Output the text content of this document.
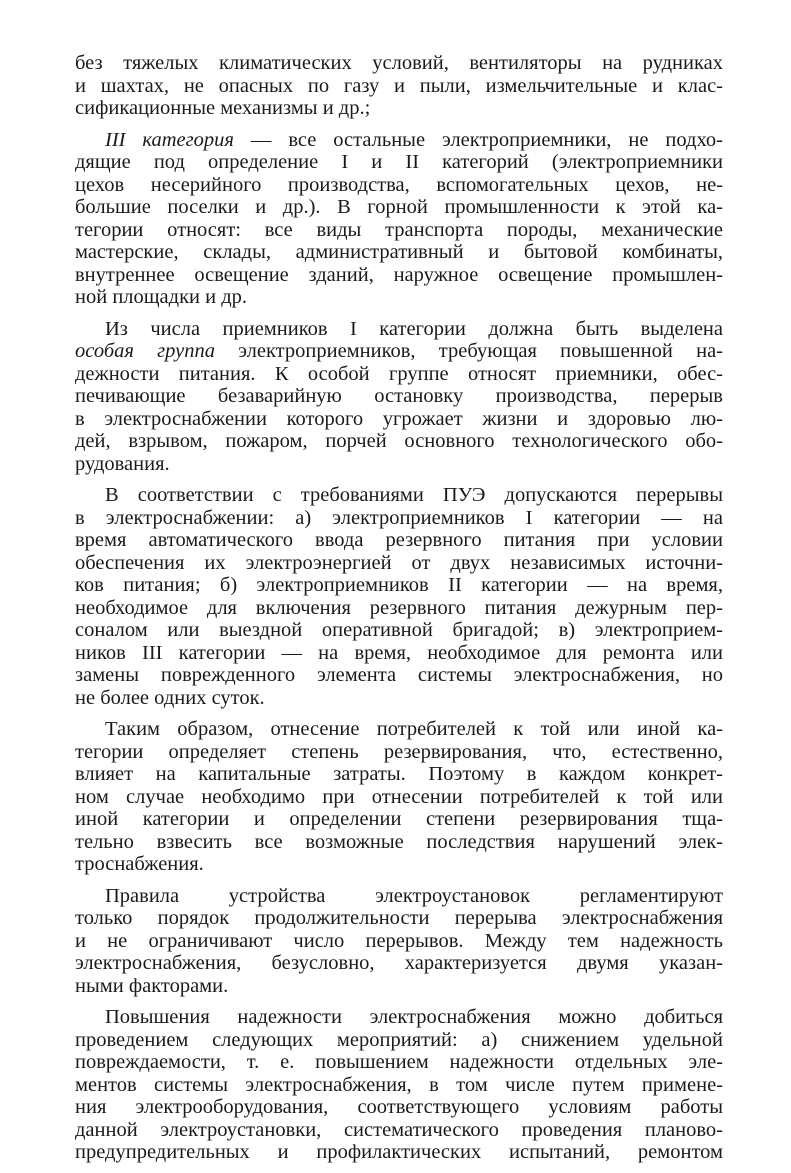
без тяжелых климатических условий, вентиляторы на рудниках
и шахтах, не опасных по газу и пыли, измельчительные и клас-
сификационные механизмы и др.;
III категория — все остальные электроприемники, не подхо-
дящие под определение I и II категорий (электроприемники
цехов несерийного производства, вспомогательных цехов, не-
большие поселки и др.). В горной промышленности к этой ка-
тегории относят: все виды транспорта породы, механические
мастерские, склады, административный и бытовой комбинаты,
внутреннее освещение зданий, наружное освещение промышлен-
ной площадки и др.
Из числа приемников I категории должна быть выделена
особая группа электроприемников, требующая повышенной на-
дежности питания. К особой группе относят приемники, обес-
печивающие безаварийную остановку производства, перерыв
в электроснабжении которого угрожает жизни и здоровью лю-
дей, взрывом, пожаром, порчей основного технологического обо-
рудования.
В соответствии с требованиями ПУЭ допускаются перерывы
в электроснабжении: а) электроприемников I категории — на
время автоматического ввода резервного питания при условии
обеспечения их электроэнергией от двух независимых источни-
ков питания; б) электроприемников II категории — на время,
необходимое для включения резервного питания дежурным пер-
соналом или выездной оперативной бригадой; в) электроприем-
ников III категории — на время, необходимое для ремонта или
замены поврежденного элемента системы электроснабжения, но
не более одних суток.
Таким образом, отнесение потребителей к той или иной ка-
тегории определяет степень резервирования, что, естественно,
влияет на капитальные затраты. Поэтому в каждом конкрет-
ном случае необходимо при отнесении потребителей к той или
иной категории и определении степени резервирования тща-
тельно взвесить все возможные последствия нарушений элек-
троснабжения.
Правила устройства электроустановок регламентируют
только порядок продолжительности перерыва электроснабжения
и не ограничивают число перерывов. Между тем надежность
электроснабжения, безусловно, характеризуется двумя указан-
ными факторами.
Повышения надежности электроснабжения можно добиться
проведением следующих мероприятий: а) снижением удельной
повреждаемости, т. е. повышением надежности отдельных эле-
ментов системы электроснабжения, в том числе путем примене-
ния электрооборудования, соответствующего условиям работы
данной электроустановки, систематического проведения планово-
предупредительных и профилактических испытаний, ремонтом
